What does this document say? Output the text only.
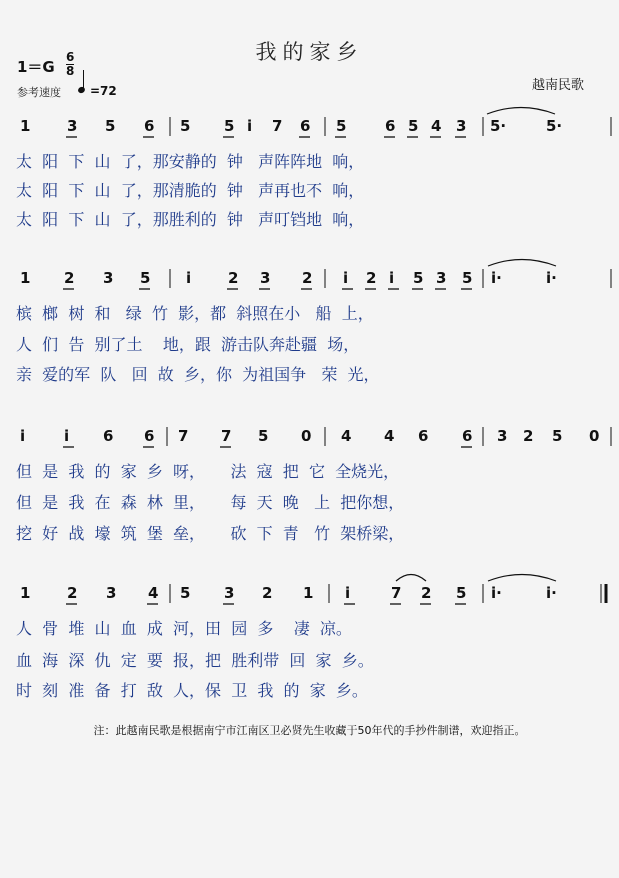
我的家乡
1＝G
6
8
参考速度 =72	越南民歌
1 3 5 6 5 5 i 7 6 5	6 5 4 3 5·	5·
太  阳  下  山  了，那安静的  钟   声阵阵地  响，
太  阳  下  山  了，那清脆的  钟   声再也不  响，
太  阳  下  山  了，那胜利的  钟   声叮铛地  响，
1 2 3 5 i 2 3 2 i 2 i 5 3 5 i·	i·
槟  榔  树  和   绿  竹  影，都  斜照在小   船  上，
人  们  告  别了土    地，跟  游击队奔赴疆  场，
亲  爱的军  队   回  故  乡，你  为祖国争   荣  光，
i	i 6 6 7 7 5 0 4 4 6 6 3 2 5 0
但  是  我  的  家  乡  呀，     法  寇  把  它  全烧光，
但  是  我  在  森  林  里，     每  天  晚   上  把你想，
挖  好  战  壕  筑  堡  垒，     砍  下  青   竹  架桥梁，
1 2 3 4 5 3 2 1 i	7 2 5 i·	i·
人  骨  堆  山  血  成  河，田  园  多    凄  凉。
血  海  深  仇  定  要  报，把  胜利带  回  家  乡。
时  刻  准  备  打  敌  人，保  卫  我  的  家  乡。
注：此越南民歌是根据南宁市江南区卫必贤先生收藏于50年代的手抄件制谱，欢迎指正。
